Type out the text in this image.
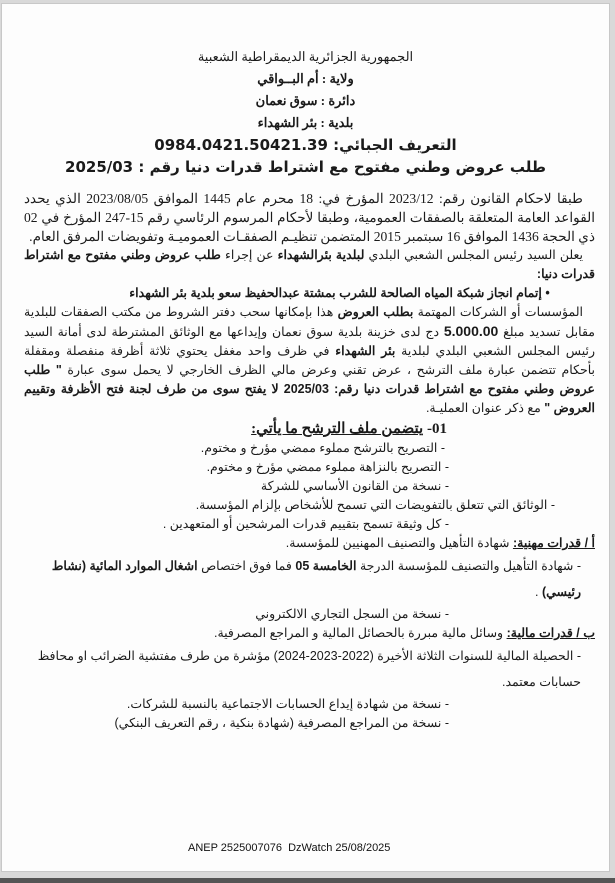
الجمهورية الجزائرية الديمقراطية الشعبية
ولاية : أم البــواقي
دائرة : سوق نعمان
بلدية : بئر الشهداء
التعريف الجبائي: 0984.0421.50421.39
طلب عروض وطني مفتوح مع اشتراط قدرات دنيا رقم : 2025/03

طبقا لاحكام القانون رقم: 2023/12 المؤرخ في: 18 محرم عام 1445 الموافق 2023/08/05 الذي يحدد القواعد العامة المتعلقة بالصفقات العمومية، وطبقا لأحكام المرسوم الرئاسي رقم 15-247 المؤرخ في 02 ذي الحجة 1436 الموافق 16 سبتمبر 2015 المتضمن تنظيـم الصفقـات العموميـة وتفويضات المرفق العام.

يعلن السيد رئيس المجلس الشعبي البلدي لبلدية بئرالشهداء عن إجراء طلب عروض وطني مفتوح مع اشتراط قدرات دنيا:

• إتمام انجاز شبكة المياه الصالحة للشرب بمشتة عبدالحفيظ سعو بلدية بئر الشهداء

المؤسسات أو الشركات المهتمة بطلب العروض هذا بإمكانها سحب دفتر الشروط من مكتب الصفقات للبلدية مقابل تسديد مبلغ 5.000.00 دج لدى خزينة بلدية سوق نعمان وإيداعها مع الوثائق المشترطة لدى أمانة السيد رئيس المجلس الشعبي البلدي لبلدية بئر الشهداء في ظرف واحد مغفل يحتوي ثلاثة أظرفة منفصلة ومقفلة بأحكام تتضمن عبارة ملف الترشح ، عرض تقني وعرض مالي الظرف الخارجي لا يحمل سوى عبارة " طلب عروض وطني مفتوح مع اشتراط قدرات دنيا رقم: 2025/03 لا يفتح سوى من طرف لجنة فتح الأظرفة وتقييم العروض " مع ذكر عنوان العمليـة.

01- يتضمن ملف الترشح ما يأتي:
- التصريح بالترشح مملوء ممضي مؤرخ و مختوم.
- التصريح بالنزاهة مملوء ممضي مؤرخ و مختوم.
- نسخة من القانون الأساسي للشركة
- الوثائق التي تتعلق بالتفويضات التي تسمح للأشخاص بإلزام المؤسسة.
- كل وثيقة تسمح بتقييم قدرات المرشحين أو المتعهدين .
أ / قدرات مهنية: شهادة التأهيل والتصنيف المهنيين للمؤسسة.
- شهادة التأهيل والتصنيف للمؤسسة الدرجة الخامسة 05 فما فوق اختصاص اشغال الموارد المائية (نشاط رئيسي) .
- نسخة من السجل التجاري الالكتروني
ب / قدرات مالية: وسائل مالية مبررة بالحصائل المالية و المراجع المصرفية.
- الحصيلة المالية للسنوات الثلاثة الأخيرة (2022-2023-2024) مؤشرة من طرف مفتشية الضرائب او محافظ حسابات معتمد.
- نسخة من شهادة إيداع الحسابات الاجتماعية بالنسبة للشركات.
- نسخة من المراجع المصرفية (شهادة بنكية ، رقم التعريف البنكي)
ANEP 2525007076  DzWatch 25/08/2025
